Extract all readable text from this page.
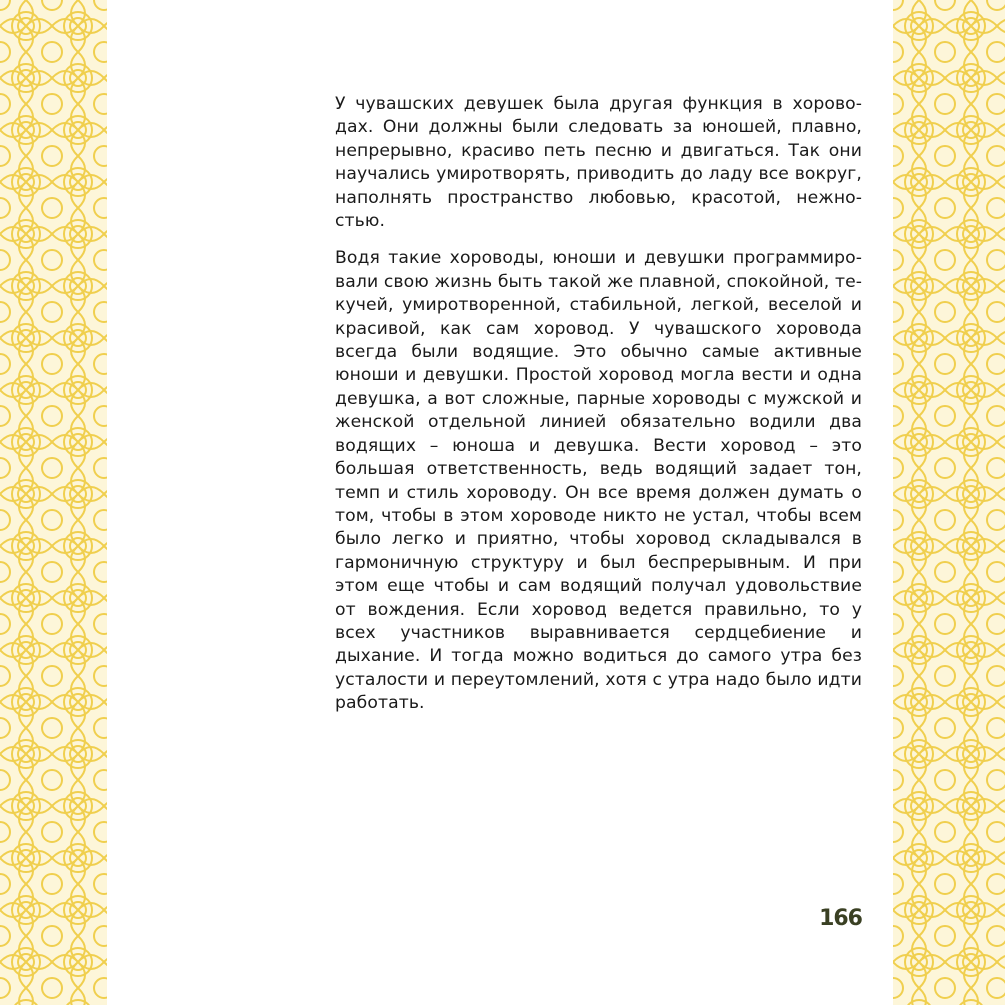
У чувашских девушек была другая функция в хороводах. Они должны были следовать за юношей, плавно, непрерывно, красиво петь песню и двигаться. Так они научались умиротворять, приводить до ладу все вокруг, наполнять пространство любовью, красотой, нежностью.

Водя такие хороводы, юноши и девушки программировали свою жизнь быть такой же плавной, спокойной, текучей, умиротворенной, стабильной, легкой, веселой и красивой, как сам хоровод. У чувашского хоровода всегда были водящие. Это обычно самые активные юноши и девушки. Простой хоровод могла вести и одна девушка, а вот сложные, парные хороводы с мужской и женской отдельной линией обязательно водили два водящих – юноша и девушка. Вести хоровод – это большая ответственность, ведь водящий задает тон, темп и стиль хороводу. Он все время должен думать о том, чтобы в этом хороводе никто не устал, чтобы всем было легко и приятно, чтобы хоровод складывался в гармоничную структуру и был беспрерывным. И при этом еще чтобы и сам водящий получал удовольствие от вождения. Если хоровод ведется правильно, то у всех участников выравнивается сердцебиение и дыхание. И тогда можно водиться до самого утра без усталости и переутомлений, хотя с утра надо было идти работать.

166
